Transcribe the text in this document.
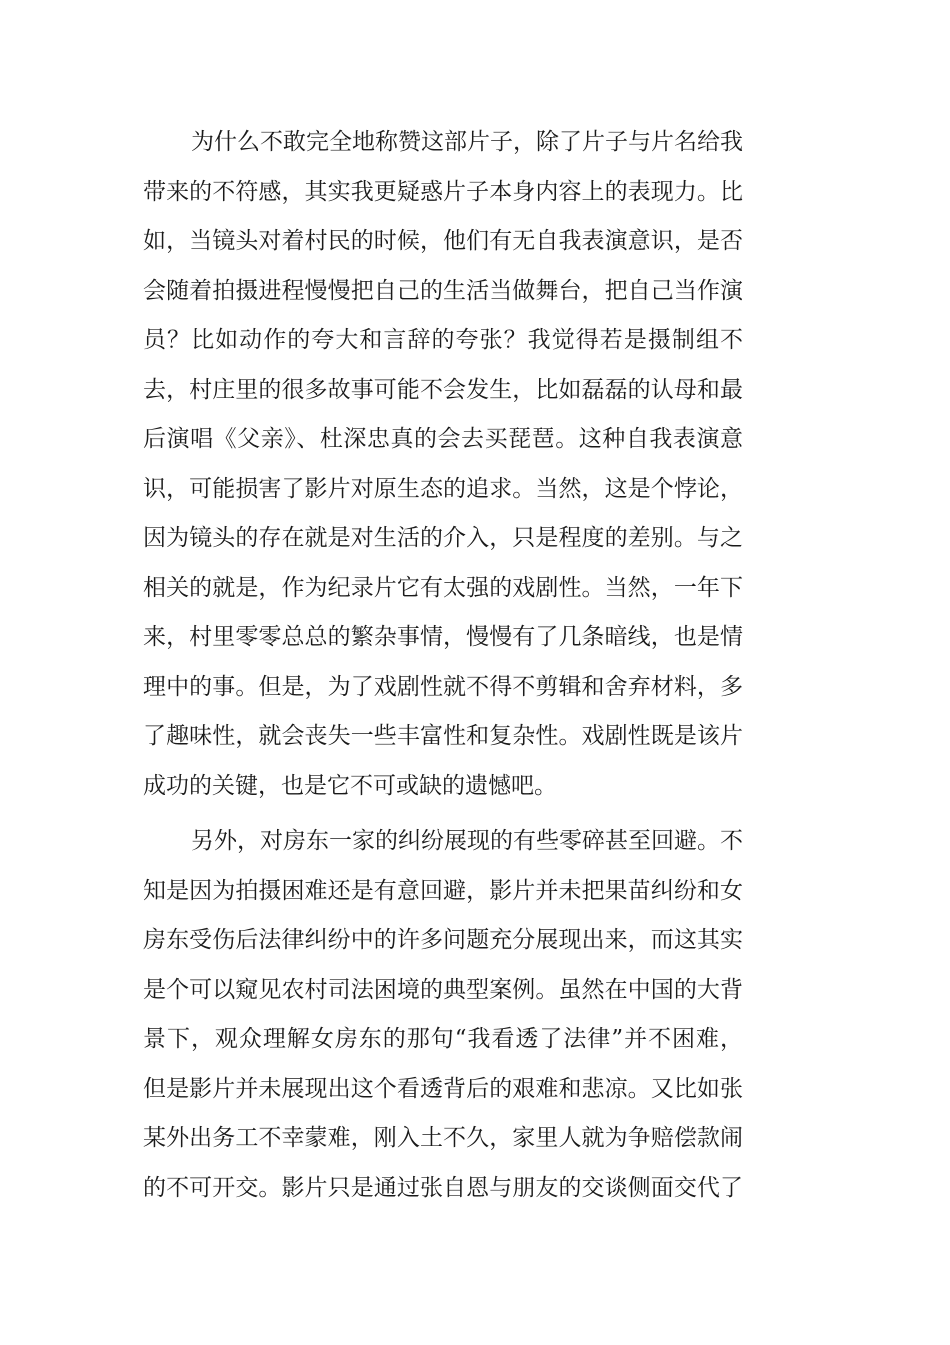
为什么不敢完全地称赞这部片子，除了片子与片名给我
带来的不符感，其实我更疑惑片子本身内容上的表现力。比
如，当镜头对着村民的时候，他们有无自我表演意识，是否
会随着拍摄进程慢慢把自己的生活当做舞台，把自己当作演
员？比如动作的夸大和言辞的夸张？我觉得若是摄制组不
去，村庄里的很多故事可能不会发生，比如磊磊的认母和最
后演唱《父亲》、杜深忠真的会去买琵琶。这种自我表演意
识，可能损害了影片对原生态的追求。当然，这是个悖论，
因为镜头的存在就是对生活的介入，只是程度的差别。与之
相关的就是，作为纪录片它有太强的戏剧性。当然，一年下
来，村里零零总总的繁杂事情，慢慢有了几条暗线，也是情
理中的事。但是，为了戏剧性就不得不剪辑和舍弃材料，多
了趣味性，就会丧失一些丰富性和复杂性。戏剧性既是该片
成功的关键，也是它不可或缺的遗憾吧。
另外，对房东一家的纠纷展现的有些零碎甚至回避。不
知是因为拍摄困难还是有意回避，影片并未把果苗纠纷和女
房东受伤后法律纠纷中的许多问题充分展现出来，而这其实
是个可以窥见农村司法困境的典型案例。虽然在中国的大背
景下，观众理解女房东的那句“我看透了法律”并不困难，
但是影片并未展现出这个看透背后的艰难和悲凉。又比如张
某外出务工不幸蒙难，刚入土不久，家里人就为争赔偿款闹
的不可开交。影片只是通过张自恩与朋友的交谈侧面交代了
